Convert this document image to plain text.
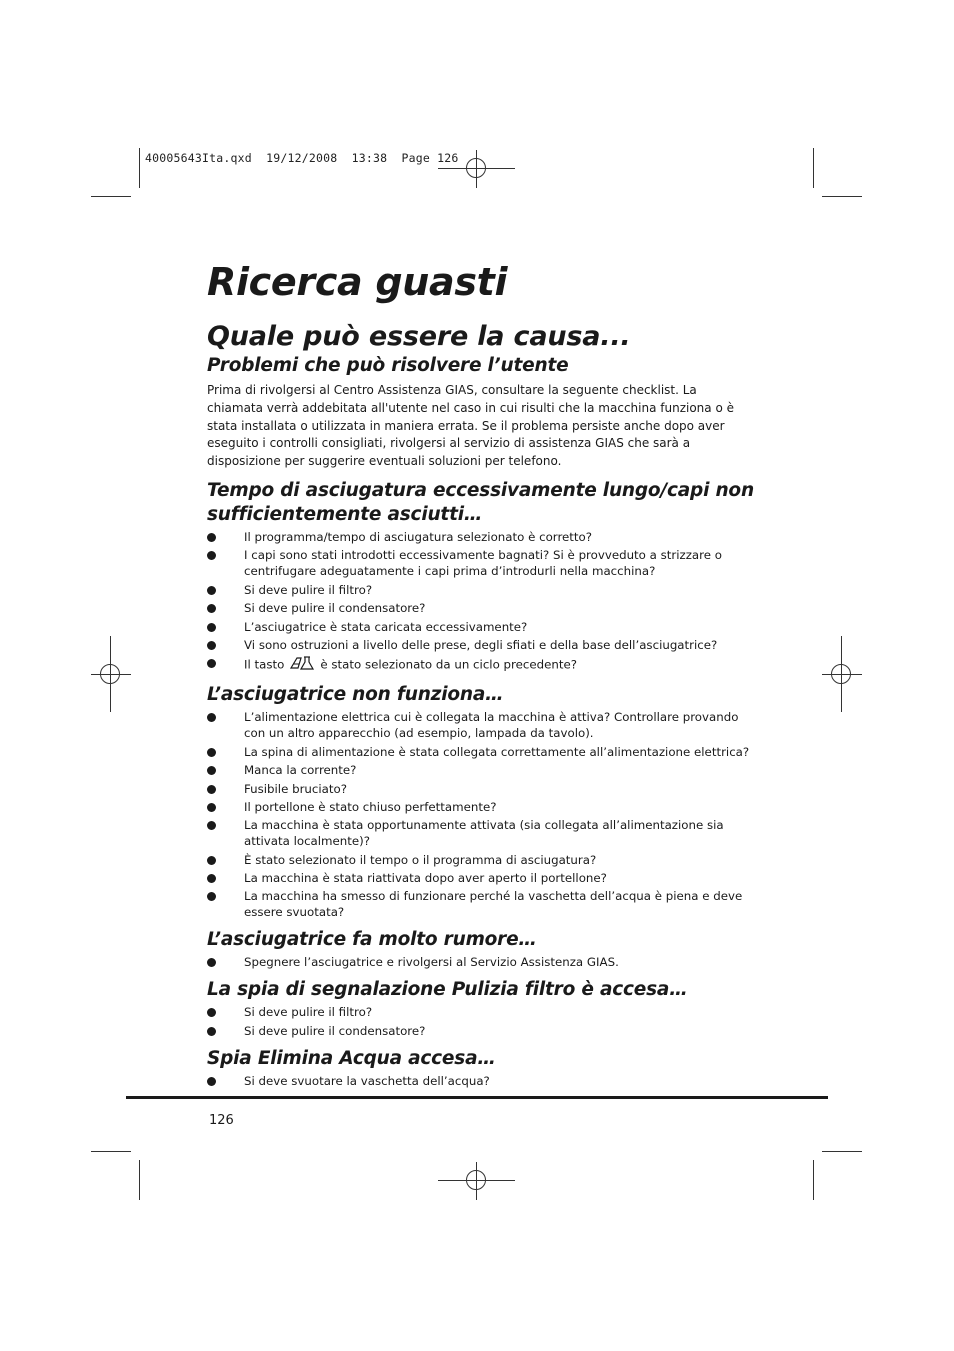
40005643Ita.qxd  19/12/2008  13:38  Page 126
Ricerca guasti
Quale può essere la causa...
Problemi che può risolvere l’utente

Prima di rivolgersi al Centro Assistenza GIAS, consultare la seguente checklist. La chiamata verrà addebitata all'utente nel caso in cui risulti che la macchina funziona o è stata installata o utilizzata in maniera errata. Se il problema persiste anche dopo aver eseguito i controlli consigliati, rivolgersi al servizio di assistenza GIAS che sarà a disposizione per suggerire eventuali soluzioni per telefono.

Tempo di asciugatura eccessivamente lungo/capi non sufficientemente asciutti…
Il programma/tempo di asciugatura selezionato è corretto?
I capi sono stati introdotti eccessivamente bagnati? Si è provveduto a strizzare o centrifugare adeguatamente i capi prima d’introdurli nella macchina?
Si deve pulire il filtro?
Si deve pulire il condensatore?
L’asciugatrice è stata caricata eccessivamente?
Vi sono ostruzioni a livello delle prese, degli sfiati e della base dell’asciugatrice?
Il tasto	è stato selezionato da un ciclo precedente?
L’asciugatrice non funziona…
L’alimentazione elettrica cui è collegata la macchina è attiva? Controllare provando con un altro apparecchio (ad esempio, lampada da tavolo).
La spina di alimentazione è stata collegata correttamente all’alimentazione elettrica?
Manca la corrente?
Fusibile bruciato?
Il portellone è stato chiuso perfettamente?
La macchina è stata opportunamente attivata (sia collegata all’alimentazione sia attivata localmente)?
È stato selezionato il tempo o il programma di asciugatura?
La macchina è stata riattivata dopo aver aperto il portellone?
La macchina ha smesso di funzionare perché la vaschetta dell’acqua è piena e deve essere svuotata?
L’asciugatrice fa molto rumore…
Spegnere l’asciugatrice e rivolgersi al Servizio Assistenza GIAS.
La spia di segnalazione Pulizia filtro è accesa…
Si deve pulire il filtro?
Si deve pulire il condensatore?
Spia Elimina Acqua accesa…
Si deve svuotare la vaschetta dell’acqua?
126
